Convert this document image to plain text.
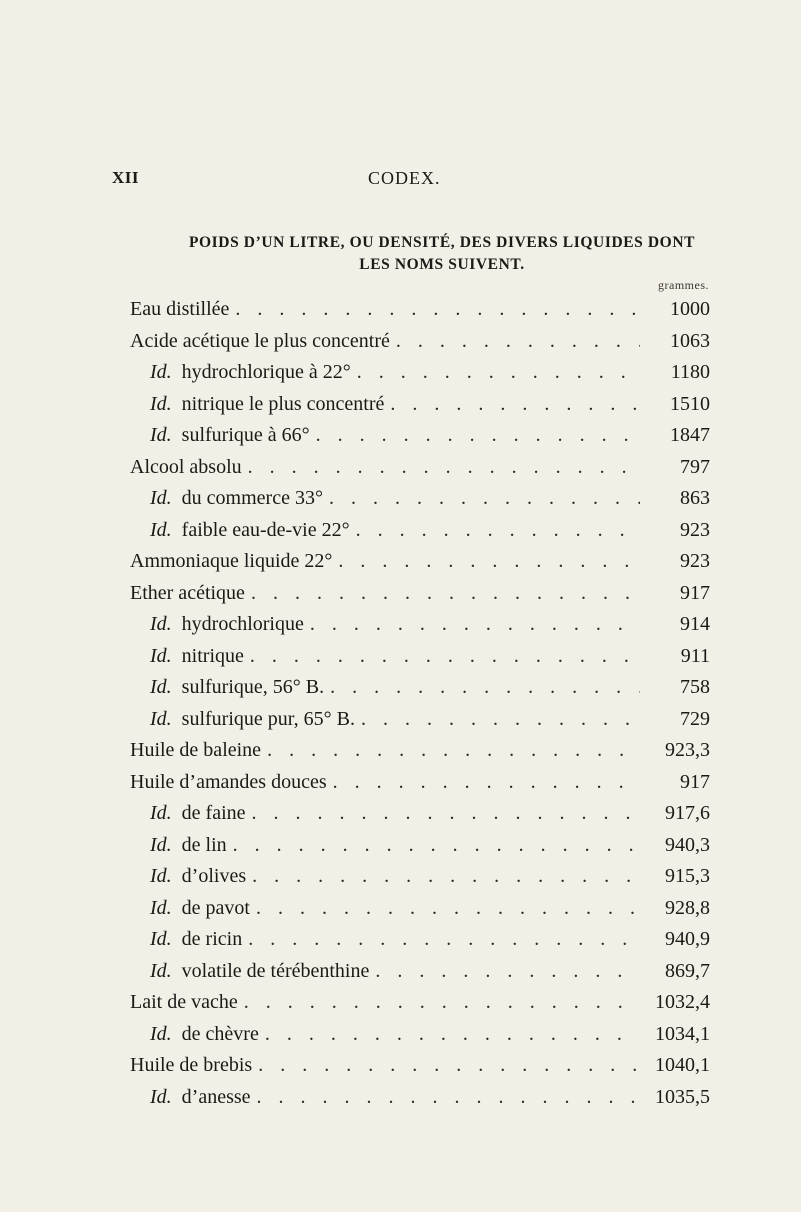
XII	CODEX.
POIDS D’UN LITRE, OU DENSITÉ, DES DIVERS LIQUIDES DONT
LES NOMS SUIVENT.
grammes.
Eau distillée . . .	1000
Acide acétique le plus concentré . . .	1063
Id. hydrochlorique à 22° . . .	1180
Id. nitrique le plus concentré . . .	1510
Id. sulfurique à 66° . . .	1847
Alcool absolu . . .	797
Id. du commerce 33° . . .	863
Id. faible eau-de-vie 22° . . .	923
Ammoniaque liquide 22° . . .	923
Ether acétique . . .	917
Id. hydrochlorique . . .	914
Id. nitrique . . .	911
Id. sulfurique, 56° B. . . .	758
Id. sulfurique pur, 65° B. . . .	729
Huile de baleine . . .	923,3
Huile d’amandes douces . . .	917
Id. de faine . . .	917,6
Id. de lin . . .	940,3
Id. d’olives . . .	915,3
Id. de pavot . . .	928,8
Id. de ricin . . .	940,9
Id. volatile de térébenthine . . .	869,7
Lait de vache . . .	1032,4
Id. de chèvre . . .	1034,1
Huile de brebis . . .	1040,1
Id. d’anesse . . .	1035,5
